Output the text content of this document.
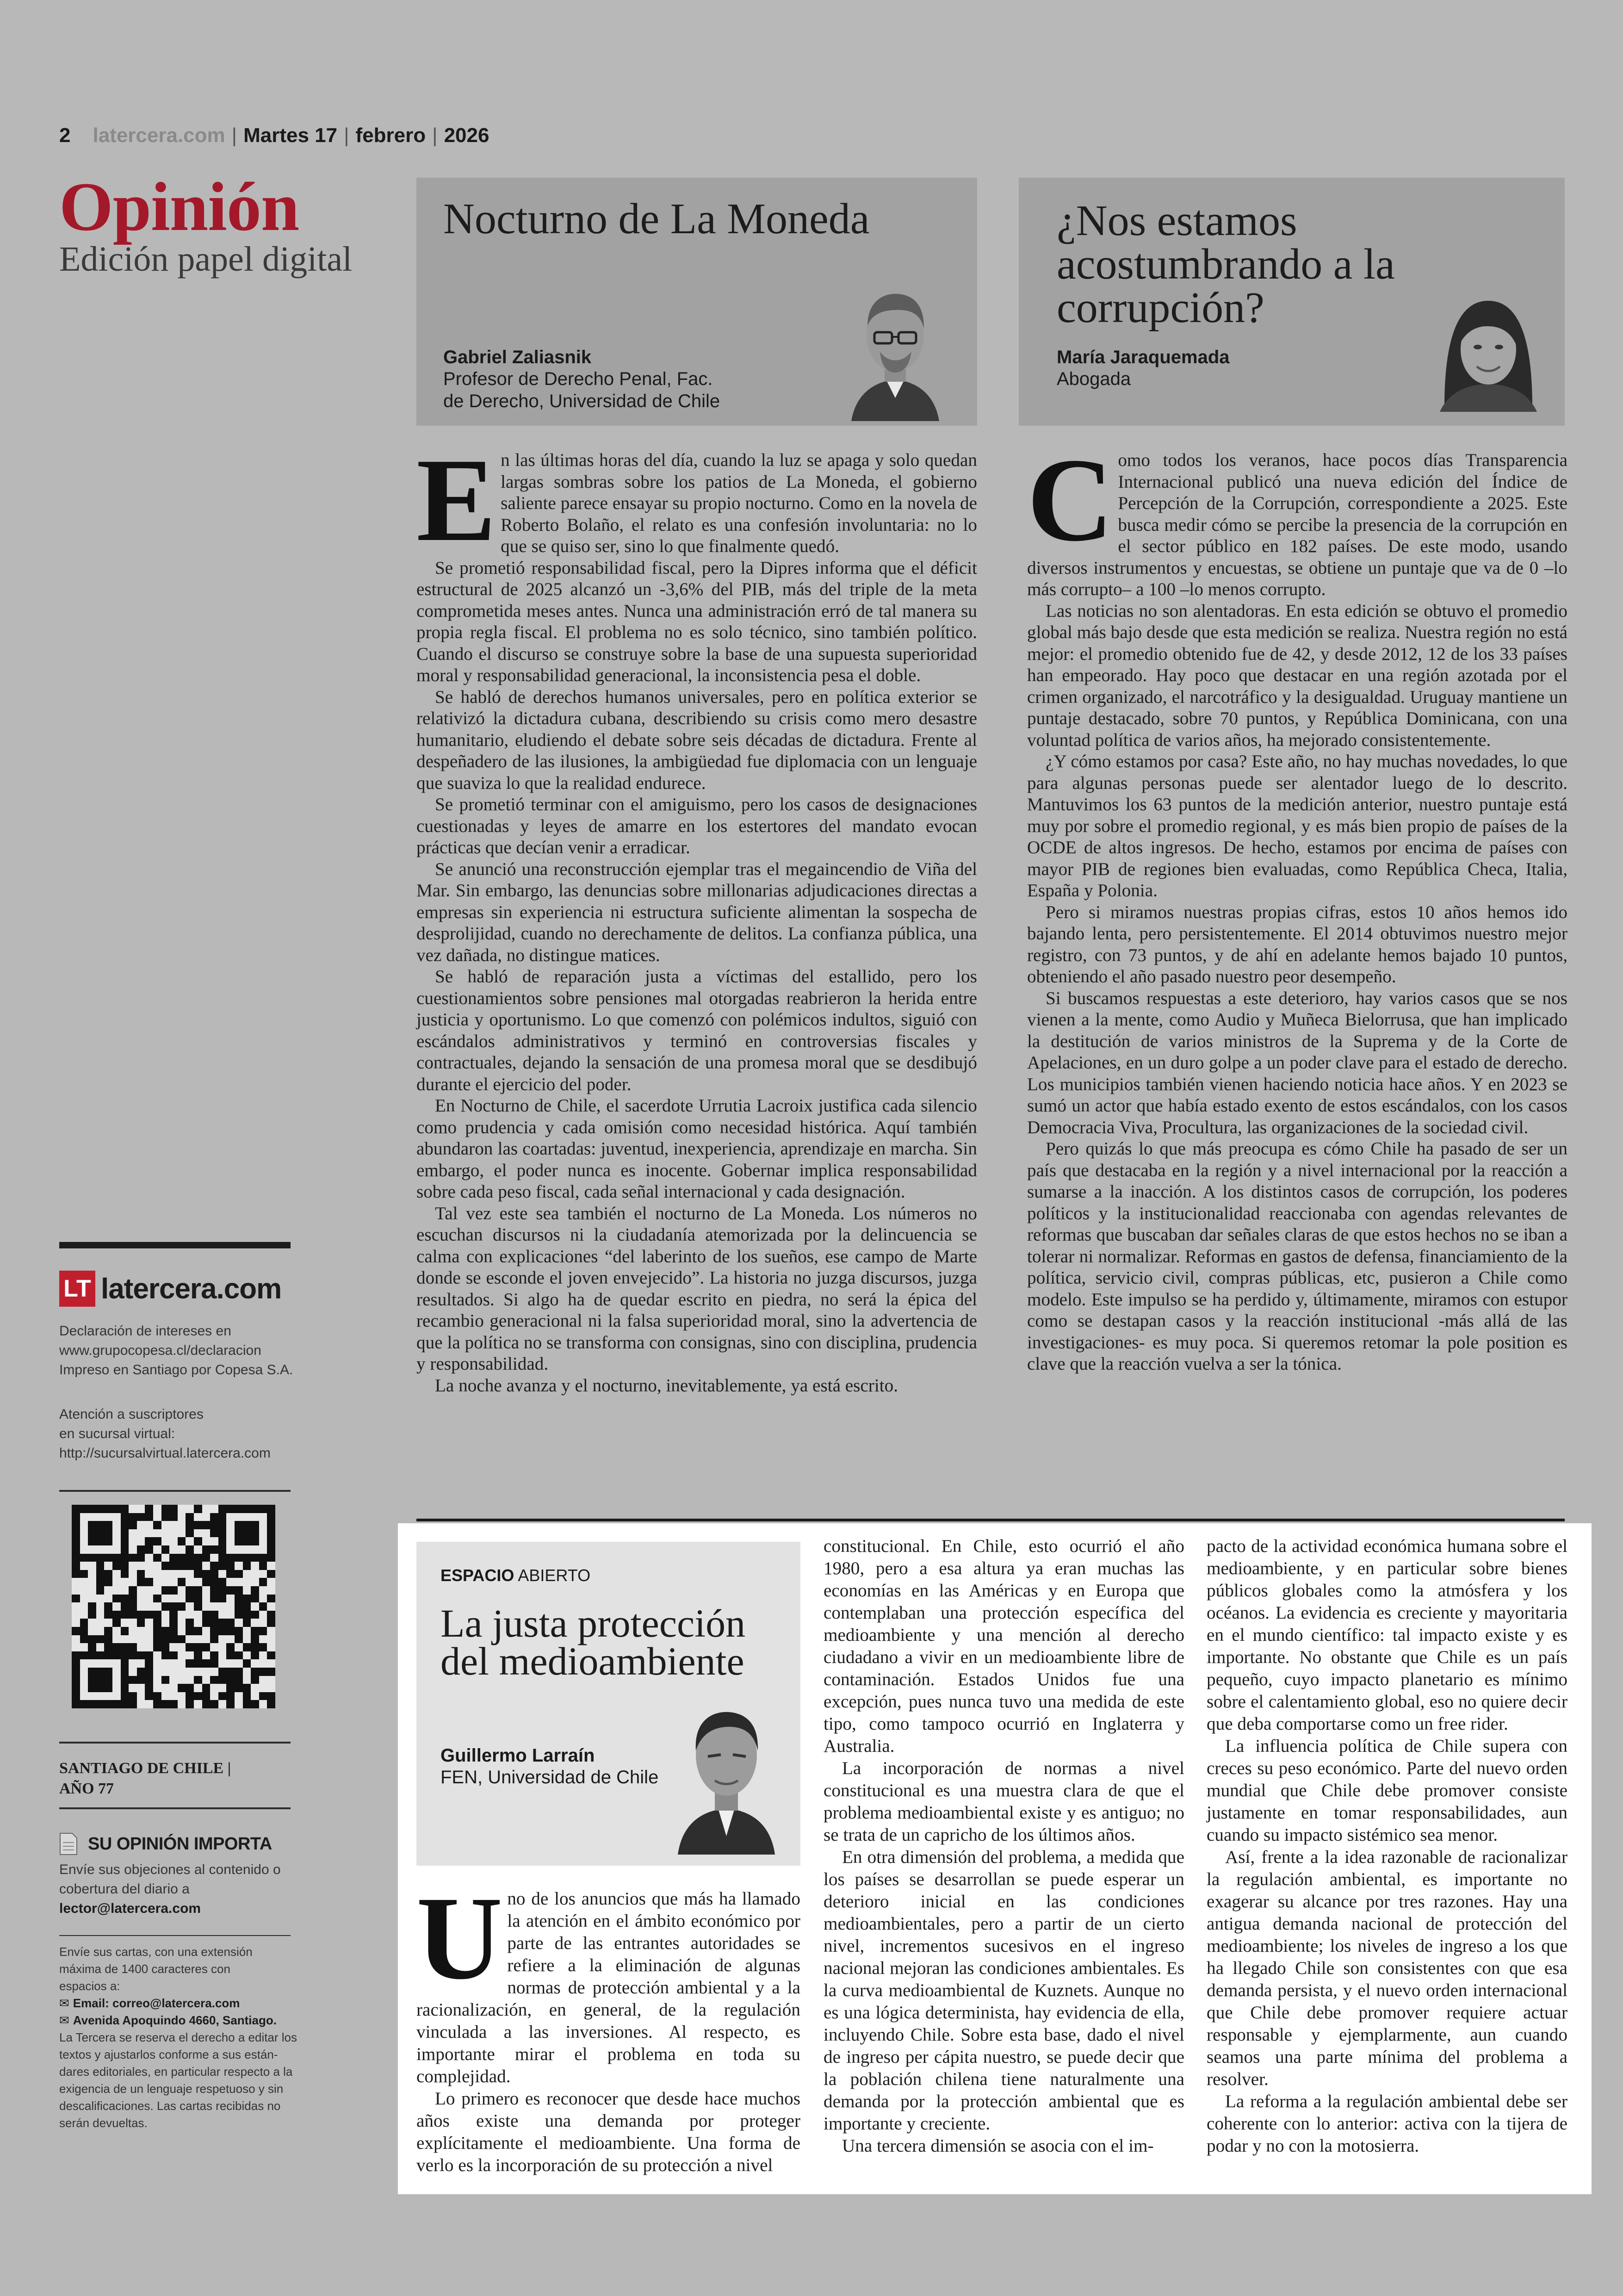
2 latercera.com | Martes 17 | febrero | 2026
Opinión
Edición papel digital
Nocturno de La Moneda
Gabriel Zaliasnik
Profesor de Derecho Penal, Fac.
de Derecho, Universidad de Chile
¿Nos estamos
acostumbrando a la
corrupción?
María Jaraquemada
Abogada
E n las últimas horas del día, cuando la luz se apaga y solo quedan largas sombras sobre los patios de La Moneda, el gobierno saliente parece ensayar su propio nocturno. Como en la novela de Roberto Bolaño, el relato es una confesión involuntaria: no lo que se quiso ser, sino lo que finalmente quedó.

Se prometió responsabilidad fiscal, pero la Dipres informa que el déficit estructural de 2025 alcanzó un -3,6% del PIB, más del triple de la meta comprometida meses antes. Nunca una administración erró de tal manera su propia regla fiscal. El problema no es solo técnico, sino también político. Cuando el discurso se construye sobre la base de una supuesta superioridad moral y responsabilidad generacional, la inconsistencia pesa el doble.

Se habló de derechos humanos universales, pero en política exterior se relativizó la dictadura cubana, describiendo su crisis como mero desastre humanitario, eludiendo el debate sobre seis décadas de dictadura. Frente al despeñadero de las ilusiones, la ambigüedad fue diplomacia con un lenguaje que suaviza lo que la realidad endurece.

Se prometió terminar con el amiguismo, pero los casos de designaciones cuestionadas y leyes de amarre en los estertores del mandato evocan prácticas que decían venir a erradicar.

Se anunció una reconstrucción ejemplar tras el megaincendio de Viña del Mar. Sin embargo, las denuncias sobre millonarias adjudicaciones directas a empresas sin experiencia ni estructura suficiente alimentan la sospecha de desprolijidad, cuando no derechamente de delitos. La confianza pública, una vez dañada, no distingue matices.

Se habló de reparación justa a víctimas del estallido, pero los cuestionamientos sobre pensiones mal otorgadas reabrieron la herida entre justicia y oportunismo. Lo que comenzó con polémicos indultos, siguió con escándalos administrativos y terminó en controversias fiscales y contractuales, dejando la sensación de una promesa moral que se desdibujó durante el ejercicio del poder.

En Nocturno de Chile, el sacerdote Urrutia Lacroix justifica cada silencio como prudencia y cada omisión como necesidad histórica. Aquí también abundaron las coartadas: juventud, inexperiencia, aprendizaje en marcha. Sin embargo, el poder nunca es inocente. Gobernar implica responsabilidad sobre cada peso fiscal, cada señal internacional y cada designación.

Tal vez este sea también el nocturno de La Moneda. Los números no escuchan discursos ni la ciudadanía atemorizada por la delincuencia se calma con explicaciones “del laberinto de los sueños, ese campo de Marte donde se esconde el joven envejecido”. La historia no juzga discursos, juzga resultados. Si algo ha de quedar escrito en piedra, no será la épica del recambio generacional ni la falsa superioridad moral, sino la advertencia de que la política no se transforma con consignas, sino con disciplina, prudencia y responsabilidad.

La noche avanza y el nocturno, inevitablemente, ya está escrito.

C omo todos los veranos, hace pocos días Transparencia Internacional publicó una nueva edición del Índice de Percepción de la Corrupción, correspondiente a 2025. Este busca medir cómo se percibe la presencia de la corrupción en el sector público en 182 países. De este modo, usando diversos instrumentos y encuestas, se obtiene un puntaje que va de 0 –lo más corrupto– a 100 –lo menos corrupto.

Las noticias no son alentadoras. En esta edición se obtuvo el promedio global más bajo desde que esta medición se realiza. Nuestra región no está mejor: el promedio obtenido fue de 42, y desde 2012, 12 de los 33 países han empeorado. Hay poco que destacar en una región azotada por el crimen organizado, el narcotráfico y la desigualdad. Uruguay mantiene un puntaje destacado, sobre 70 puntos, y República Dominicana, con una voluntad política de varios años, ha mejorado consistentemente.

¿Y cómo estamos por casa? Este año, no hay muchas novedades, lo que para algunas personas puede ser alentador luego de lo descrito. Mantuvimos los 63 puntos de la medición anterior, nuestro puntaje está muy por sobre el promedio regional, y es más bien propio de países de la OCDE de altos ingresos. De hecho, estamos por encima de países con mayor PIB de regiones bien evaluadas, como República Checa, Italia, España y Polonia.

Pero si miramos nuestras propias cifras, estos 10 años hemos ido bajando lenta, pero persistentemente. El 2014 obtuvimos nuestro mejor registro, con 73 puntos, y de ahí en adelante hemos bajado 10 puntos, obteniendo el año pasado nuestro peor desempeño.

Si buscamos respuestas a este deterioro, hay varios casos que se nos vienen a la mente, como Audio y Muñeca Bielorrusa, que han implicado la destitución de varios ministros de la Suprema y de la Corte de Apelaciones, en un duro golpe a un poder clave para el estado de derecho. Los municipios también vienen haciendo noticia hace años. Y en 2023 se sumó un actor que había estado exento de estos escándalos, con los casos Democracia Viva, Procultura, las organizaciones de la sociedad civil.

Pero quizás lo que más preocupa es cómo Chile ha pasado de ser un país que destacaba en la región y a nivel internacional por la reacción a sumarse a la inacción. A los distintos casos de corrupción, los poderes políticos y la institucionalidad reaccionaba con agendas relevantes de reformas que buscaban dar señales claras de que estos hechos no se iban a tolerar ni normalizar. Reformas en gastos de defensa, financiamiento de la política, servicio civil, compras públicas, etc, pusieron a Chile como modelo. Este impulso se ha perdido y, últimamente, miramos con estupor como se destapan casos y la reacción institucional -más allá de las investigaciones- es muy poca. Si queremos retomar la pole position es clave que la reacción vuelva a ser la tónica.

LT latercera.com
Declaración de intereses en
www.grupocopesa.cl/declaracion
Impreso en Santiago por Copesa S.A.
Atención a suscriptores
en sucursal virtual:
http://sucursalvirtual.latercera.com
SANTIAGO DE CHILE |
AÑO 77
SU OPINIÓN IMPORTA
Envíe sus objeciones al contenido o
cobertura del diario a
lector@latercera.com
Envíe sus cartas, con una extensión
máxima de 1400 caracteres con
espacios a:
✉ Email: correo@latercera.com
✉ Avenida Apoquindo 4660, Santiago.
La Tercera se reserva el derecho a editar los
textos y ajustarlos conforme a sus están-
dares editoriales, en particular respecto a la
exigencia de un lenguaje respetuoso y sin
descalificaciones. Las cartas recibidas no
serán devueltas.
ESPACIO ABIERTO
La justa protección
del medioambiente
Guillermo Larraín
FEN, Universidad de Chile
U no de los anuncios que más ha llamado la atención en el ámbito económico por parte de las entrantes autoridades se refiere a la eliminación de algunas normas de protección ambiental y a la racionalización, en general, de la regulación vinculada a las inversiones. Al respecto, es importante mirar el problema en toda su complejidad.

Lo primero es reconocer que desde hace muchos años existe una demanda por proteger explícitamente el medioambiente. Una forma de verlo es la incorporación de su protección a nivel

constitucional. En Chile, esto ocurrió el año 1980, pero a esa altura ya eran muchas las economías en las Américas y en Europa que contemplaban una protección específica del medioambiente y una mención al derecho ciudadano a vivir en un medioambiente libre de contaminación. Estados Unidos fue una excepción, pues nunca tuvo una medida de este tipo, como tampoco ocurrió en Inglaterra y Australia.

La incorporación de normas a nivel constitucional es una muestra clara de que el problema medioambiental existe y es antiguo; no se trata de un capricho de los últimos años.

En otra dimensión del problema, a medida que los países se desarrollan se puede esperar un deterioro inicial en las condiciones medioambientales, pero a partir de un cierto nivel, incrementos sucesivos en el ingreso nacional mejoran las condiciones ambientales. Es la curva medioambiental de Kuznets. Aunque no es una lógica determinista, hay evidencia de ella, incluyendo Chile. Sobre esta base, dado el nivel de ingreso per cápita nuestro, se puede decir que la población chilena tiene naturalmente una demanda por la protección ambiental que es importante y creciente.

Una tercera dimensión se asocia con el im-

pacto de la actividad económica humana sobre el medioambiente, y en particular sobre bienes públicos globales como la atmósfera y los océanos. La evidencia es creciente y mayoritaria en el mundo científico: tal impacto existe y es importante. No obstante que Chile es un país pequeño, cuyo impacto planetario es mínimo sobre el calentamiento global, eso no quiere decir que deba comportarse como un free rider.

La influencia política de Chile supera con creces su peso económico. Parte del nuevo orden mundial que Chile debe promover consiste justamente en tomar responsabilidades, aun cuando su impacto sistémico sea menor.

Así, frente a la idea razonable de racionalizar la regulación ambiental, es importante no exagerar su alcance por tres razones. Hay una antigua demanda nacional de protección del medioambiente; los niveles de ingreso a los que ha llegado Chile son consistentes con que esa demanda persista, y el nuevo orden internacional que Chile debe promover requiere actuar responsable y ejemplarmente, aun cuando seamos una parte mínima del problema a resolver.

La reforma a la regulación ambiental debe ser coherente con lo anterior: activa con la tijera de podar y no con la motosierra.
